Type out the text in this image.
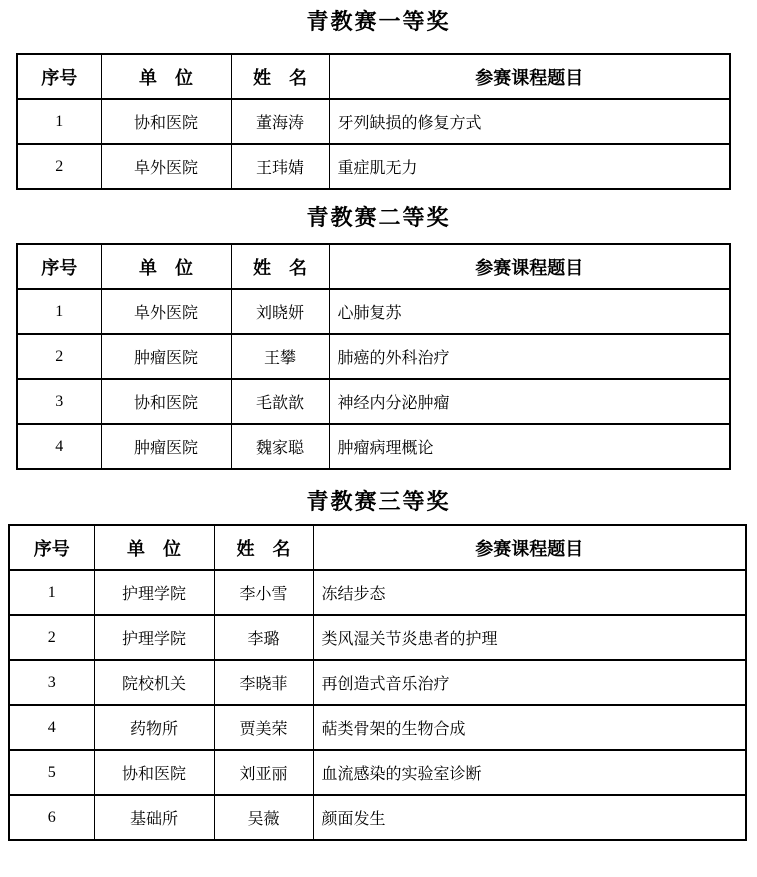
青教赛一等奖
序号	单　位	姓　名	参赛课程题目
1	协和医院	董海涛	牙列缺损的修复方式
2	阜外医院	王玮婧	重症肌无力
青教赛二等奖
序号	单　位	姓　名	参赛课程题目
1	阜外医院	刘晓妍	心肺复苏
2	肿瘤医院	王攀	肺癌的外科治疗
3	协和医院	毛歆歆	神经内分泌肿瘤
4	肿瘤医院	魏家聪	肿瘤病理概论
青教赛三等奖
序号	单　位	姓　名	参赛课程题目
1	护理学院	李小雪	冻结步态
2	护理学院	李璐	类风湿关节炎患者的护理
3	院校机关	李晓菲	再创造式音乐治疗
4	药物所	贾美荣	萜类骨架的生物合成
5	协和医院	刘亚丽	血流感染的实验室诊断
6	基础所	吴薇	颜面发生
